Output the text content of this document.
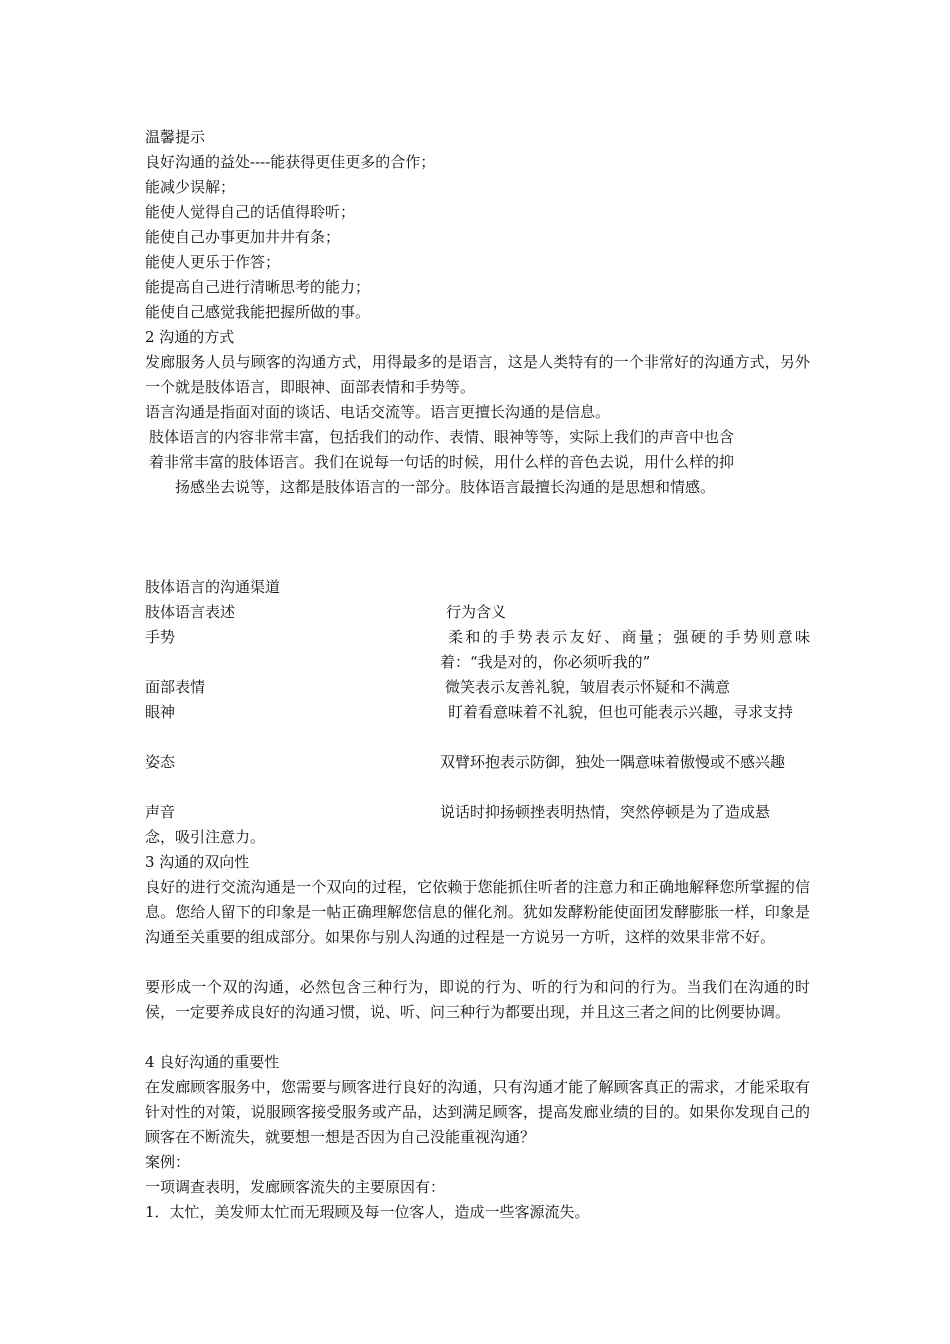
温馨提示
良好沟通的益处----能获得更佳更多的合作；
能减少误解；
能使人觉得自己的话值得聆听；
能使自己办事更加井井有条；
能使人更乐于作答；
能提高自己进行清晰思考的能力；
能使自己感觉我能把握所做的事。
2 沟通的方式
发廊服务人员与顾客的沟通方式，用得最多的是语言，这是人类特有的一个非常好的沟通方式，另外一个就是肢体语言，即眼神、面部表情和手势等。
语言沟通是指面对面的谈话、电话交流等。语言更擅长沟通的是信息。
肢体语言的内容非常丰富，包括我们的动作、表情、眼神等等，实际上我们的声音中也含
着非常丰富的肢体语言。我们在说每一句话的时候，用什么样的音色去说，用什么样的抑
扬感坐去说等，这都是肢体语言的一部分。肢体语言最擅长沟通的是思想和情感。
肢体语言的沟通渠道
肢体语言表述	行为含义
手势	柔和的手势表示友好、商量；强硬的手势则意味着：“我是对的，你必须听我的”
面部表情	微笑表示友善礼貌，皱眉表示怀疑和不满意
眼神	盯着看意味着不礼貌，但也可能表示兴趣，寻求支持
姿态	双臂环抱表示防御，独处一隅意味着傲慢或不感兴趣
声音	说话时抑扬顿挫表明热情，突然停顿是为了造成悬
念，吸引注意力。
3 沟通的双向性
良好的进行交流沟通是一个双向的过程，它依赖于您能抓住听者的注意力和正确地解释您所掌握的信息。您给人留下的印象是一帖正确理解您信息的催化剂。犹如发酵粉能使面团发酵膨胀一样，印象是沟通至关重要的组成部分。如果你与别人沟通的过程是一方说另一方听，这样的效果非常不好。
要形成一个双的沟通，必然包含三种行为，即说的行为、听的行为和问的行为。当我们在沟通的时侯，一定要养成良好的沟通习惯，说、听、问三种行为都要出现，并且这三者之间的比例要协调。
4 良好沟通的重要性
在发廊顾客服务中，您需要与顾客进行良好的沟通，只有沟通才能了解顾客真正的需求，才能采取有针对性的对策，说服顾客接受服务或产品，达到满足顾客，提高发廊业绩的目的。如果你发现自己的顾客在不断流失，就要想一想是否因为自己没能重视沟通？
案例：
一项调查表明，发廊顾客流失的主要原因有：
1．太忙，美发师太忙而无瑕顾及每一位客人，造成一些客源流失。
